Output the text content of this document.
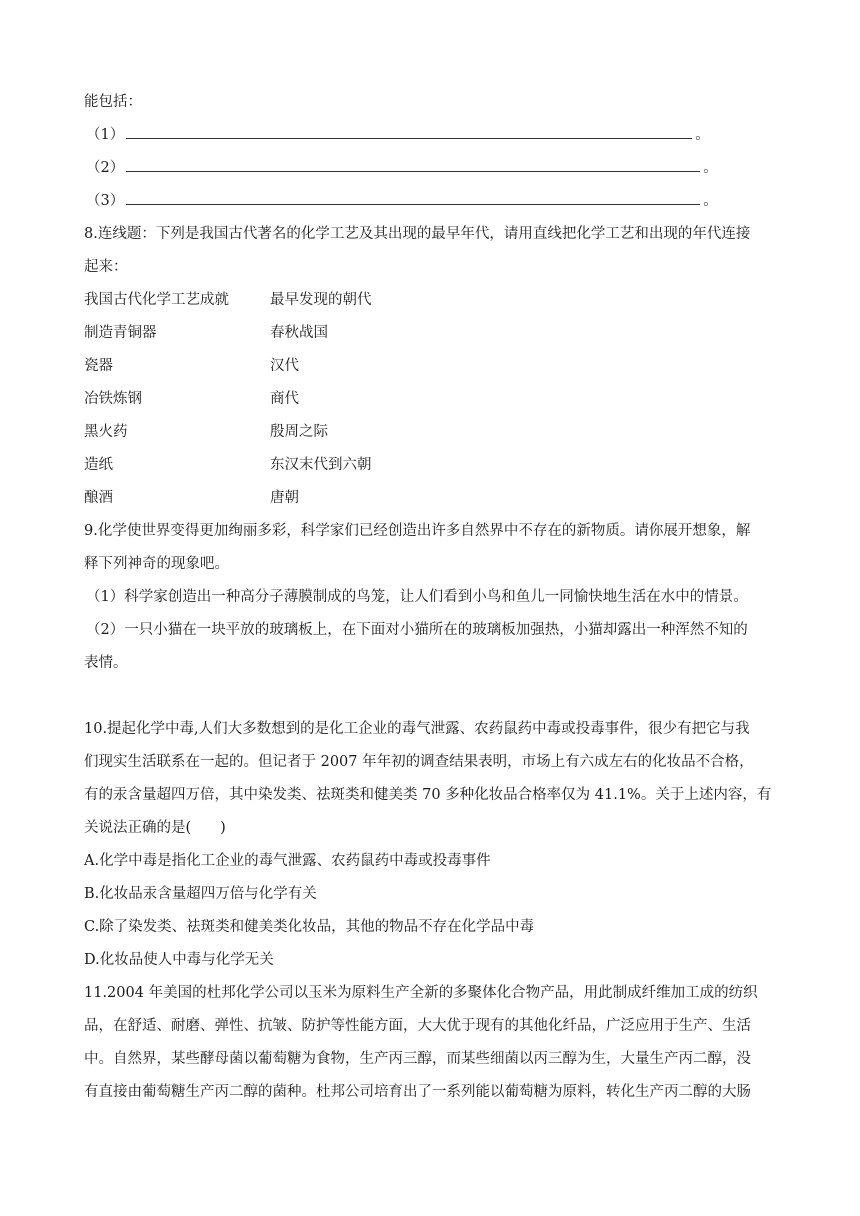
能包括：
（1）	。
（2）	。
（3）	。
8.连线题：下列是我国古代著名的化学工艺及其出现的最早年代，请用直线把化学工艺和出现的年代连接
起来：
我国古代化学工艺成就	最早发现的朝代
制造青铜器	春秋战国
瓷器	汉代
冶铁炼钢	商代
黑火药	殷周之际
造纸	东汉末代到六朝
酿酒	唐朝
9.化学使世界变得更加绚丽多彩，科学家们已经创造出许多自然界中不存在的新物质。请你展开想象，解
释下列神奇的现象吧。
（1）科学家创造出一种高分子薄膜制成的鸟笼，让人们看到小鸟和鱼儿一同愉快地生活在水中的情景。
（2）一只小猫在一块平放的玻璃板上，在下面对小猫所在的玻璃板加强热，小猫却露出一种浑然不知的
表情。
10.提起化学中毒,人们大多数想到的是化工企业的毒气泄露、农药鼠药中毒或投毒事件，很少有把它与我
们现实生活联系在一起的。但记者于 2007 年年初的调查结果表明，市场上有六成左右的化妆品不合格，
有的汞含量超四万倍，其中染发类、祛斑类和健美类 70 多种化妆品合格率仅为 41.1%。关于上述内容，有
关说法正确的是(　　)
A.化学中毒是指化工企业的毒气泄露、农药鼠药中毒或投毒事件
B.化妆品汞含量超四万倍与化学有关
C.除了染发类、祛斑类和健美类化妆品，其他的物品不存在化学品中毒
D.化妆品使人中毒与化学无关
11.2004 年美国的杜邦化学公司以玉米为原料生产全新的多聚体化合物产品，用此制成纤维加工成的纺织
品，在舒适、耐磨、弹性、抗皱、防护等性能方面，大大优于现有的其他化纤品，广泛应用于生产、生活
中。自然界，某些酵母菌以葡萄糖为食物，生产丙三醇，而某些细菌以丙三醇为生，大量生产丙二醇，没
有直接由葡萄糖生产丙二醇的菌种。杜邦公司培育出了一系列能以葡萄糖为原料，转化生产丙二醇的大肠
